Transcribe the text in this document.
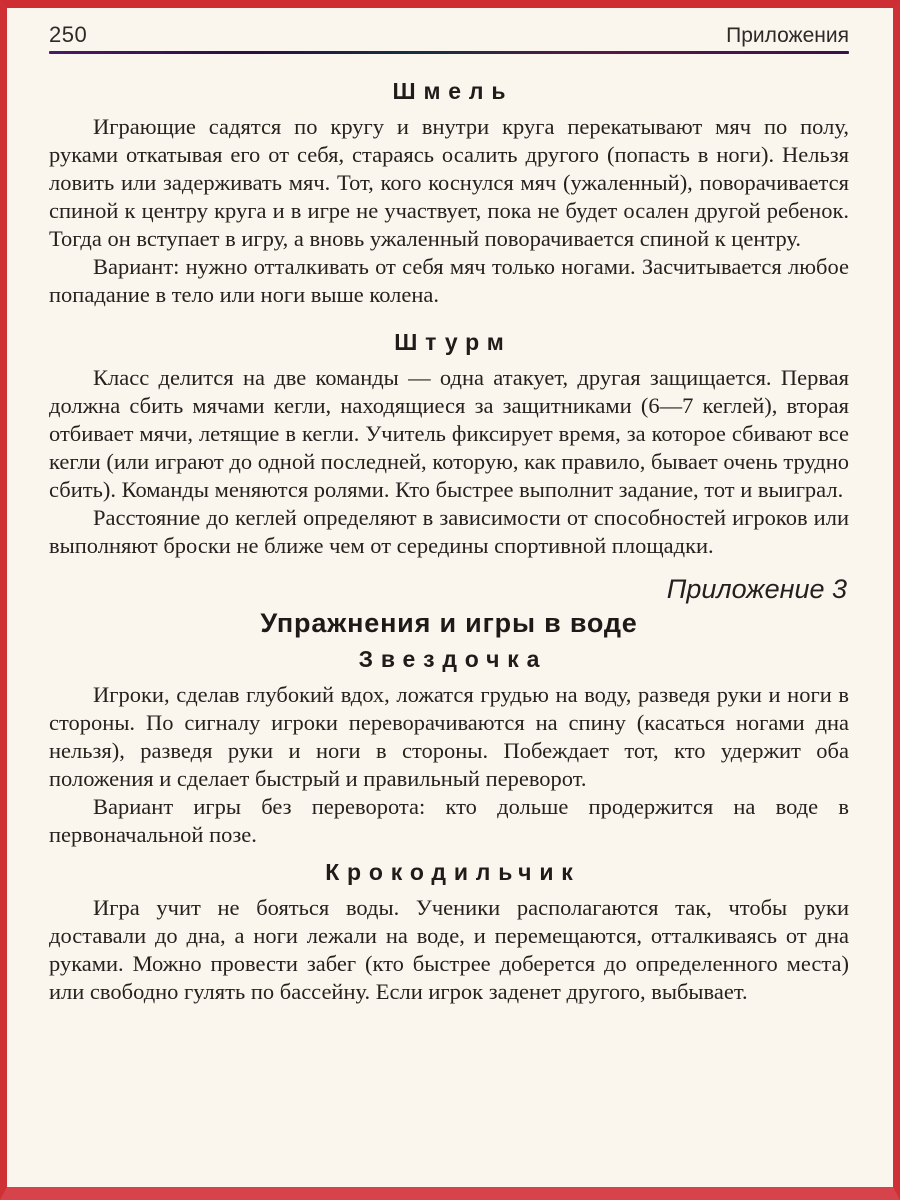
250	Приложения
Шмель

Играющие садятся по кругу и внутри круга перекатывают мяч по полу, руками откатывая его от себя, стараясь осалить другого (попасть в ноги). Нельзя ловить или задерживать мяч. Тот, кого коснулся мяч (ужаленный), поворачивается спиной к центру круга и в игре не участвует, пока не будет осален другой ребенок. Тогда он вступает в игру, а вновь ужаленный поворачивается спиной к центру.

Вариант: нужно отталкивать от себя мяч только ногами. Засчитывается любое попадание в тело или ноги выше колена.

Штурм

Класс делится на две команды — одна атакует, другая защищается. Первая должна сбить мячами кегли, находящиеся за защитниками (6—7 кеглей), вторая отбивает мячи, летящие в кегли. Учитель фиксирует время, за которое сбивают все кегли (или играют до одной последней, которую, как правило, бывает очень трудно сбить). Команды меняются ролями. Кто быстрее выполнит задание, тот и выиграл.

Расстояние до кеглей определяют в зависимости от способностей игроков или выполняют броски не ближе чем от середины спортивной площадки.

Приложение 3
Упражнения и игры в воде
Звездочка

Игроки, сделав глубокий вдох, ложатся грудью на воду, разведя руки и ноги в стороны. По сигналу игроки переворачиваются на спину (касаться ногами дна нельзя), разведя руки и ноги в стороны. Побеждает тот, кто удержит оба положения и сделает быстрый и правильный переворот.

Вариант игры без переворота: кто дольше продержится на воде в первоначальной позе.

Крокодильчик

Игра учит не бояться воды. Ученики располагаются так, чтобы руки доставали до дна, а ноги лежали на воде, и перемещаются, отталкиваясь от дна руками. Можно провести забег (кто быстрее доберется до определенного места) или свободно гулять по бассейну. Если игрок заденет другого, выбывает.
